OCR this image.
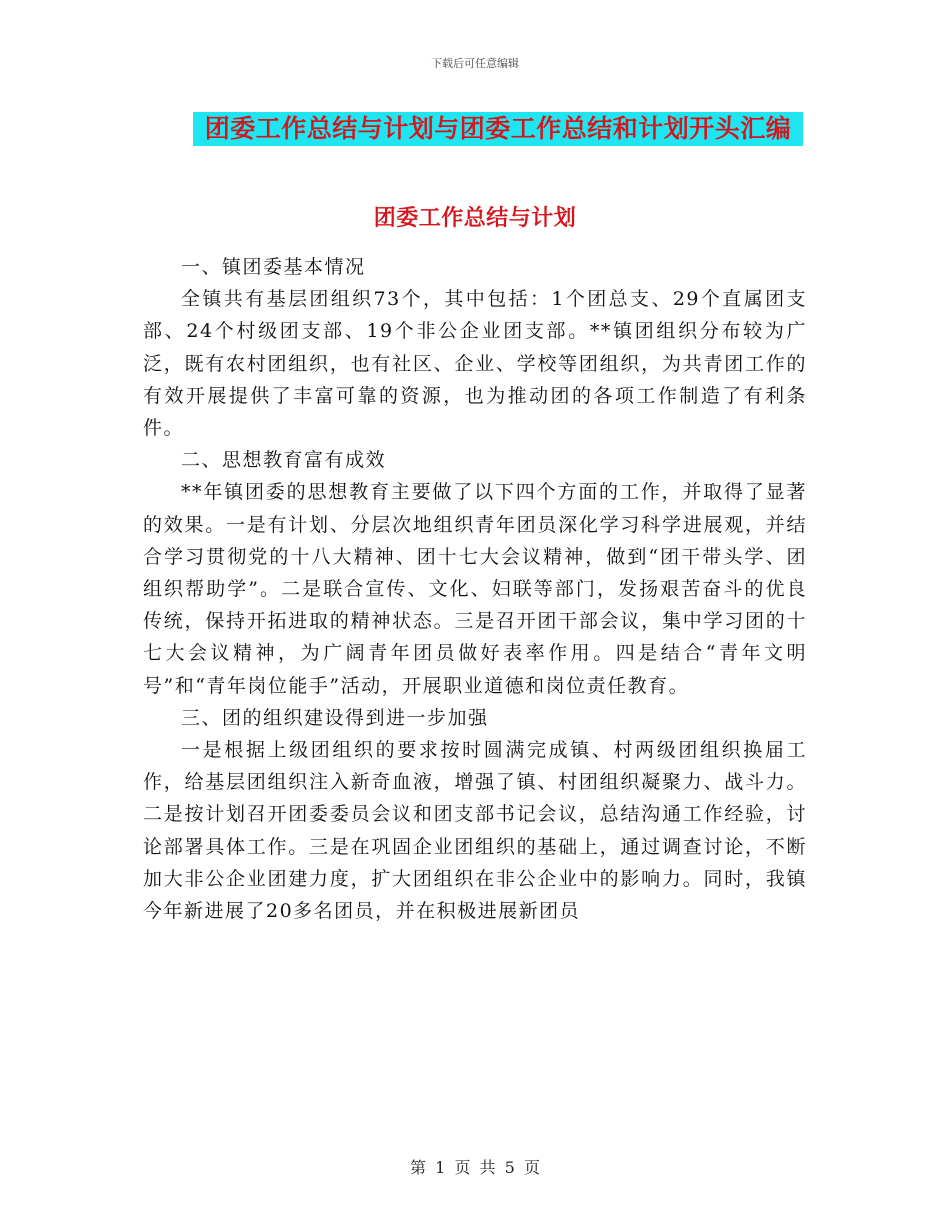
下载后可任意编辑
团委工作总结与计划与团委工作总结和计划开头汇编
团委工作总结与计划

一、镇团委基本情况

全镇共有基层团组织73个，其中包括：1个团总支、29个直属团支部、24个村级团支部、19个非公企业团支部。**镇团组织分布较为广泛，既有农村团组织，也有社区、企业、学校等团组织，为共青团工作的有效开展提供了丰富可靠的资源，也为推动团的各项工作制造了有利条件。

二、思想教育富有成效

**年镇团委的思想教育主要做了以下四个方面的工作，并取得了显著的效果。一是有计划、分层次地组织青年团员深化学习科学进展观，并结合学习贯彻党的十八大精神、团十七大会议精神，做到“团干带头学、团组织帮助学”。二是联合宣传、文化、妇联等部门，发扬艰苦奋斗的优良传统，保持开拓进取的精神状态。三是召开团干部会议，集中学习团的十七大会议精神，为广阔青年团员做好表率作用。四是结合“青年文明号”和“青年岗位能手”活动，开展职业道德和岗位责任教育。

三、团的组织建设得到进一步加强

一是根据上级团组织的要求按时圆满完成镇、村两级团组织换届工作，给基层团组织注入新奇血液，增强了镇、村团组织凝聚力、战斗力。二是按计划召开团委委员会议和团支部书记会议，总结沟通工作经验，讨论部署具体工作。三是在巩固企业团组织的基础上，通过调查讨论，不断加大非公企业团建力度，扩大团组织在非公企业中的影响力。同时，我镇今年新进展了20多名团员，并在积极进展新团员

第 1 页 共 5 页
